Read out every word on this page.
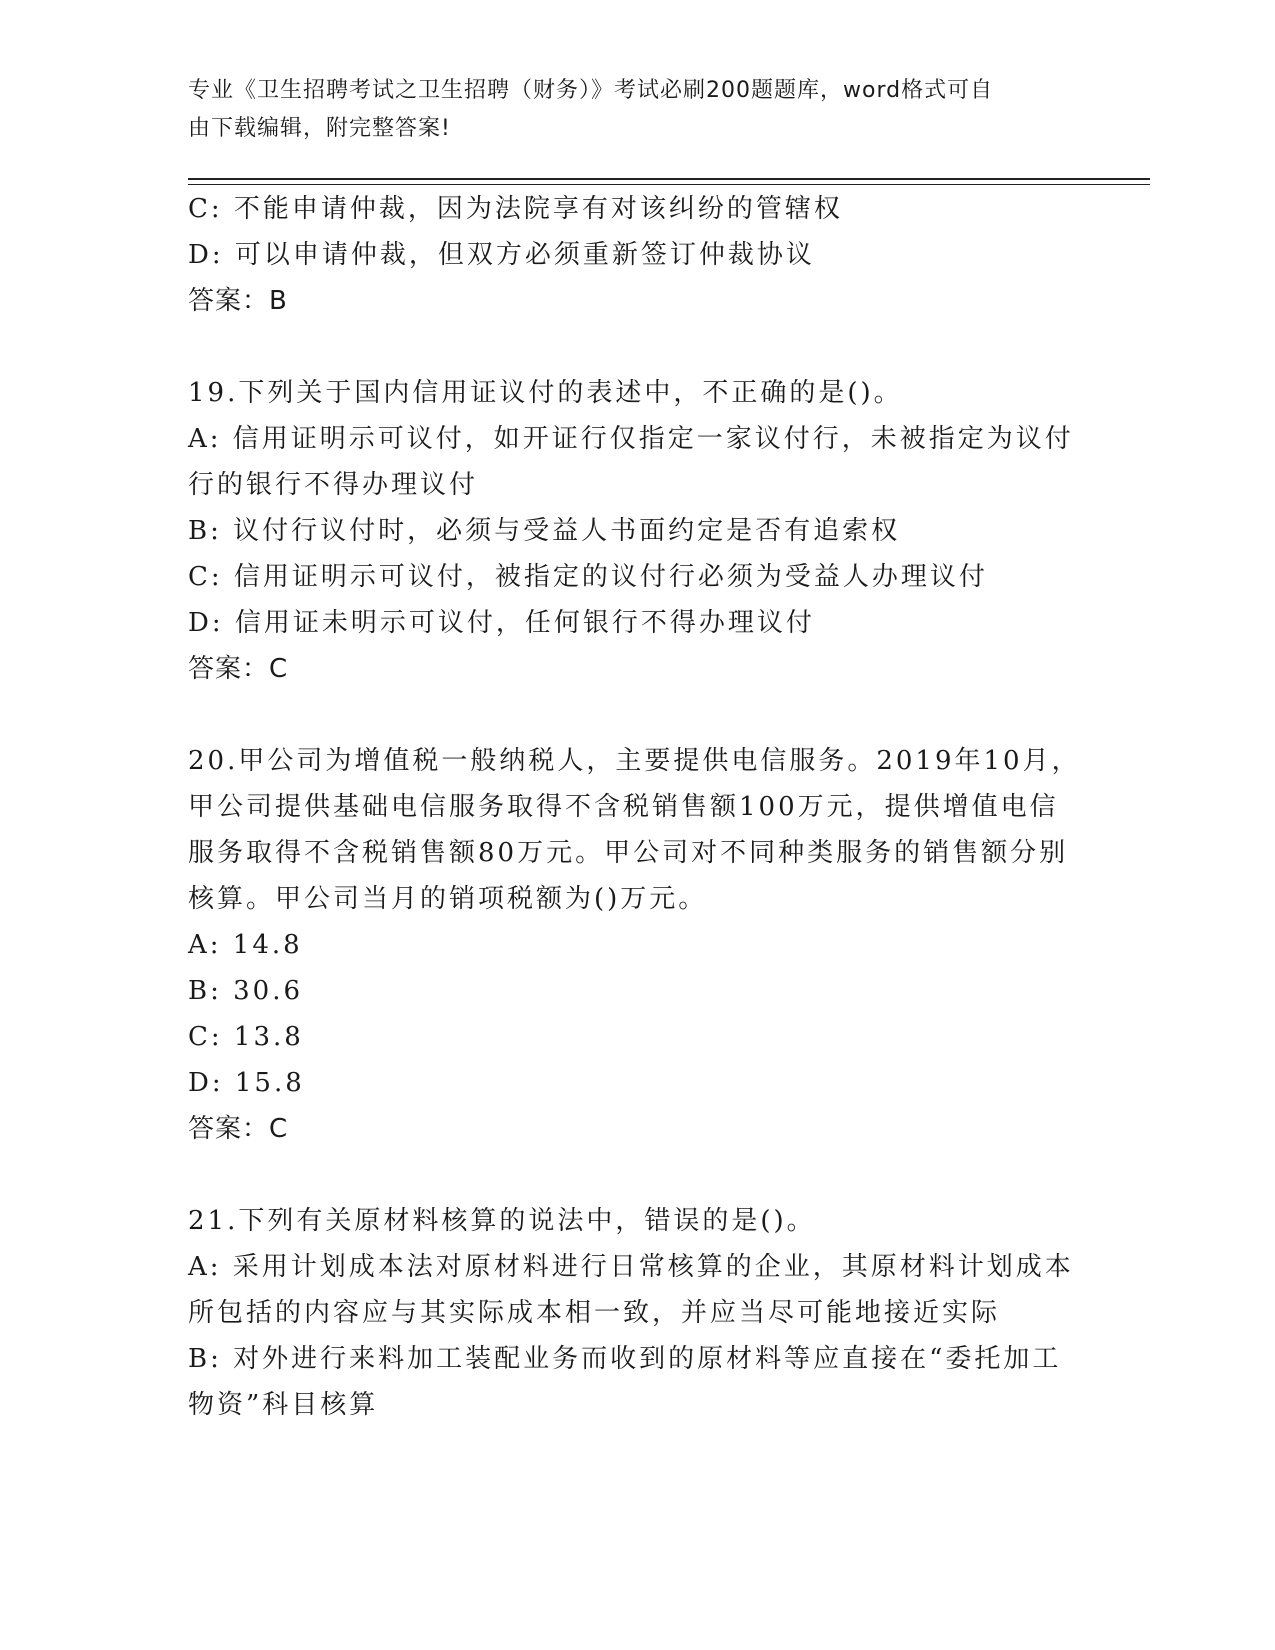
专业《卫生招聘考试之卫生招聘（财务）》考试必刷200题题库，word格式可自
由下载编辑，附完整答案!
C: 不能申请仲裁，因为法院享有对该纠纷的管辖权
D: 可以申请仲裁，但双方必须重新签订仲裁协议
答案：B
19.下列关于国内信用证议付的表述中，不正确的是()。
A: 信用证明示可议付，如开证行仅指定一家议付行，未被指定为议付
行的银行不得办理议付
B: 议付行议付时，必须与受益人书面约定是否有追索权
C: 信用证明示可议付，被指定的议付行必须为受益人办理议付
D: 信用证未明示可议付，任何银行不得办理议付
答案：C
20.甲公司为增值税一般纳税人，主要提供电信服务。2019年10月，
甲公司提供基础电信服务取得不含税销售额100万元，提供增值电信
服务取得不含税销售额80万元。甲公司对不同种类服务的销售额分别
核算。甲公司当月的销项税额为()万元。
A: 14.8
B: 30.6
C: 13.8
D: 15.8
答案：C
21.下列有关原材料核算的说法中，错误的是()。
A: 采用计划成本法对原材料进行日常核算的企业，其原材料计划成本
所包括的内容应与其实际成本相一致，并应当尽可能地接近实际
B: 对外进行来料加工装配业务而收到的原材料等应直接在“委托加工
物资”科目核算
